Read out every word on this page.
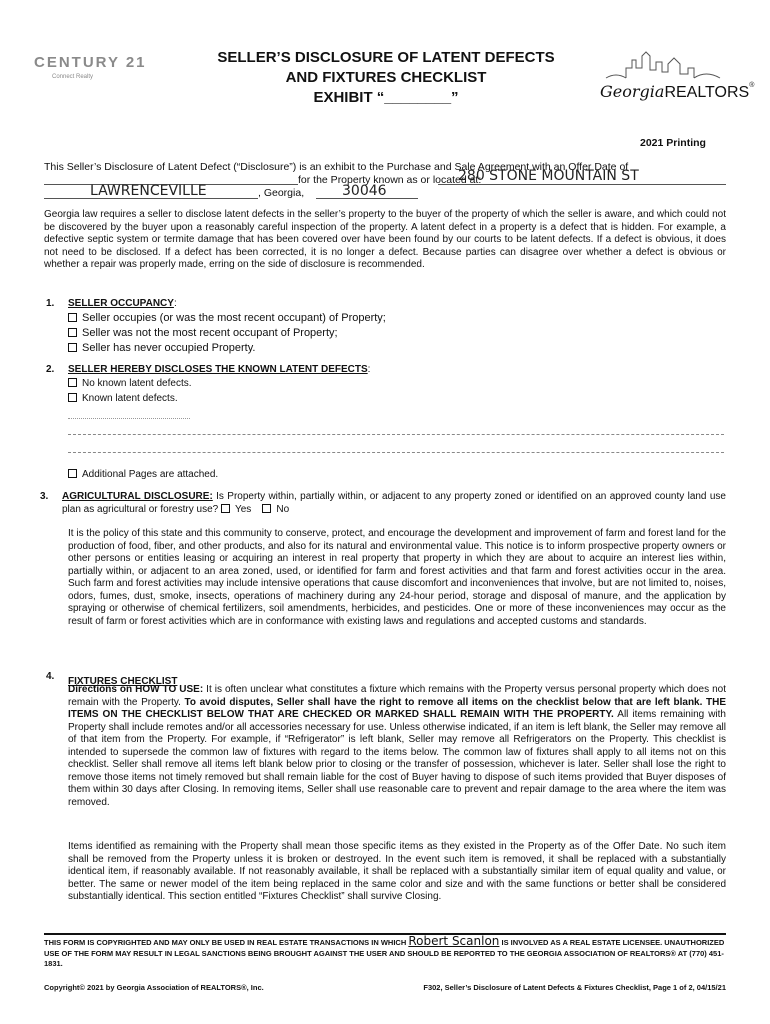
CENTURY 21
Connect Realty
SELLER’S DISCLOSURE OF LATENT DEFECTS
AND FIXTURES CHECKLIST
EXHIBIT “________”	GeorgiaREALTORS®
2021 Printing
This Seller’s Disclosure of Latent Defect (“Disclosure”) is an exhibit to the Purchase and Sale Agreement with an Offer Date of

for the Property known as or located at:
280 STONE MOUNTAIN ST
LAWRENCEVILLE	, Georgia,	30046
Georgia law requires a seller to disclose latent defects in the seller’s property to the buyer of the property of which the seller is aware, and which could not be discovered by the buyer upon a reasonably careful inspection of the property. A latent defect in a property is a defect that is hidden. For example, a defective septic system or termite damage that has been covered over have been found by our courts to be latent defects. If a defect is obvious, it does not need to be disclosed. If a defect has been corrected, it is no longer a defect. Because parties can disagree over whether a defect is obvious or whether a repair was properly made, erring on the side of disclosure is recommended.
1. SELLER OCCUPANCY:
Seller occupies (or was the most recent occupant) of Property;
Seller was not the most recent occupant of Property;
Seller has never occupied Property.
2. SELLER HEREBY DISCLOSES THE KNOWN LATENT DEFECTS:
No known latent defects.
Known latent defects.
Additional Pages are attached.
3. AGRICULTURAL DISCLOSURE: Is Property within, partially within, or adjacent to any property zoned or identified on an approved county land use plan as agricultural or forestry use? Yes	No
It is the policy of this state and this community to conserve, protect, and encourage the development and improvement of farm and forest land for the production of food, fiber, and other products, and also for its natural and environmental value. This notice is to inform prospective property owners or other persons or entities leasing or acquiring an interest in real property that property in which they are about to acquire an interest lies within, partially within, or adjacent to an area zoned, used, or identified for farm and forest activities and that farm and forest activities occur in the area. Such farm and forest activities may include intensive operations that cause discomfort and inconveniences that involve, but are not limited to, noises, odors, fumes, dust, smoke, insects, operations of machinery during any 24-hour period, storage and disposal of manure, and the application by spraying or otherwise of chemical fertilizers, soil amendments, herbicides, and pesticides. One or more of these inconveniences may occur as the result of farm or forest activities which are in conformance with existing laws and regulations and accepted customs and standards.
4. FIXTURES CHECKLIST
Directions on HOW TO USE: It is often unclear what constitutes a fixture which remains with the Property versus personal property which does not remain with the Property. To avoid disputes, Seller shall have the right to remove all items on the checklist below that are left blank. THE ITEMS ON THE CHECKLIST BELOW THAT ARE CHECKED OR MARKED SHALL REMAIN WITH THE PROPERTY. All items remaining with Property shall include remotes and/or all accessories necessary for use. Unless otherwise indicated, if an item is left blank, the Seller may remove all of that item from the Property. For example, if “Refrigerator” is left blank, Seller may remove all Refrigerators on the Property. This checklist is intended to supersede the common law of fixtures with regard to the items below. The common law of fixtures shall apply to all items not on this checklist. Seller shall remove all items left blank below prior to closing or the transfer of possession, whichever is later. Seller shall lose the right to remove those items not timely removed but shall remain liable for the cost of Buyer having to dispose of such items provided that Buyer disposes of them within 30 days after Closing. In removing items, Seller shall use reasonable care to prevent and repair damage to the area where the item was removed.
Items identified as remaining with the Property shall mean those specific items as they existed in the Property as of the Offer Date. No such item shall be removed from the Property unless it is broken or destroyed. In the event such item is removed, it shall be replaced with a substantially identical item, if reasonably available. If not reasonably available, it shall be replaced with a substantially similar item of equal quality and value, or better. The same or newer model of the item being replaced in the same color and size and with the same functions or better shall be considered substantially identical. This section entitled “Fixtures Checklist” shall survive Closing.
THIS FORM IS COPYRIGHTED AND MAY ONLY BE USED IN REAL ESTATE TRANSACTIONS IN WHICH Robert Scanlon IS INVOLVED AS A REAL ESTATE LICENSEE. UNAUTHORIZED USE OF THE FORM MAY RESULT IN LEGAL SANCTIONS BEING BROUGHT AGAINST THE USER AND SHOULD BE REPORTED TO THE GEORGIA ASSOCIATION OF REALTORS® AT (770) 451-1831.
Copyright© 2021 by Georgia Association of REALTORS®, Inc.	F302, Seller’s Disclosure of Latent Defects & Fixtures Checklist, Page 1 of 2, 04/15/21
